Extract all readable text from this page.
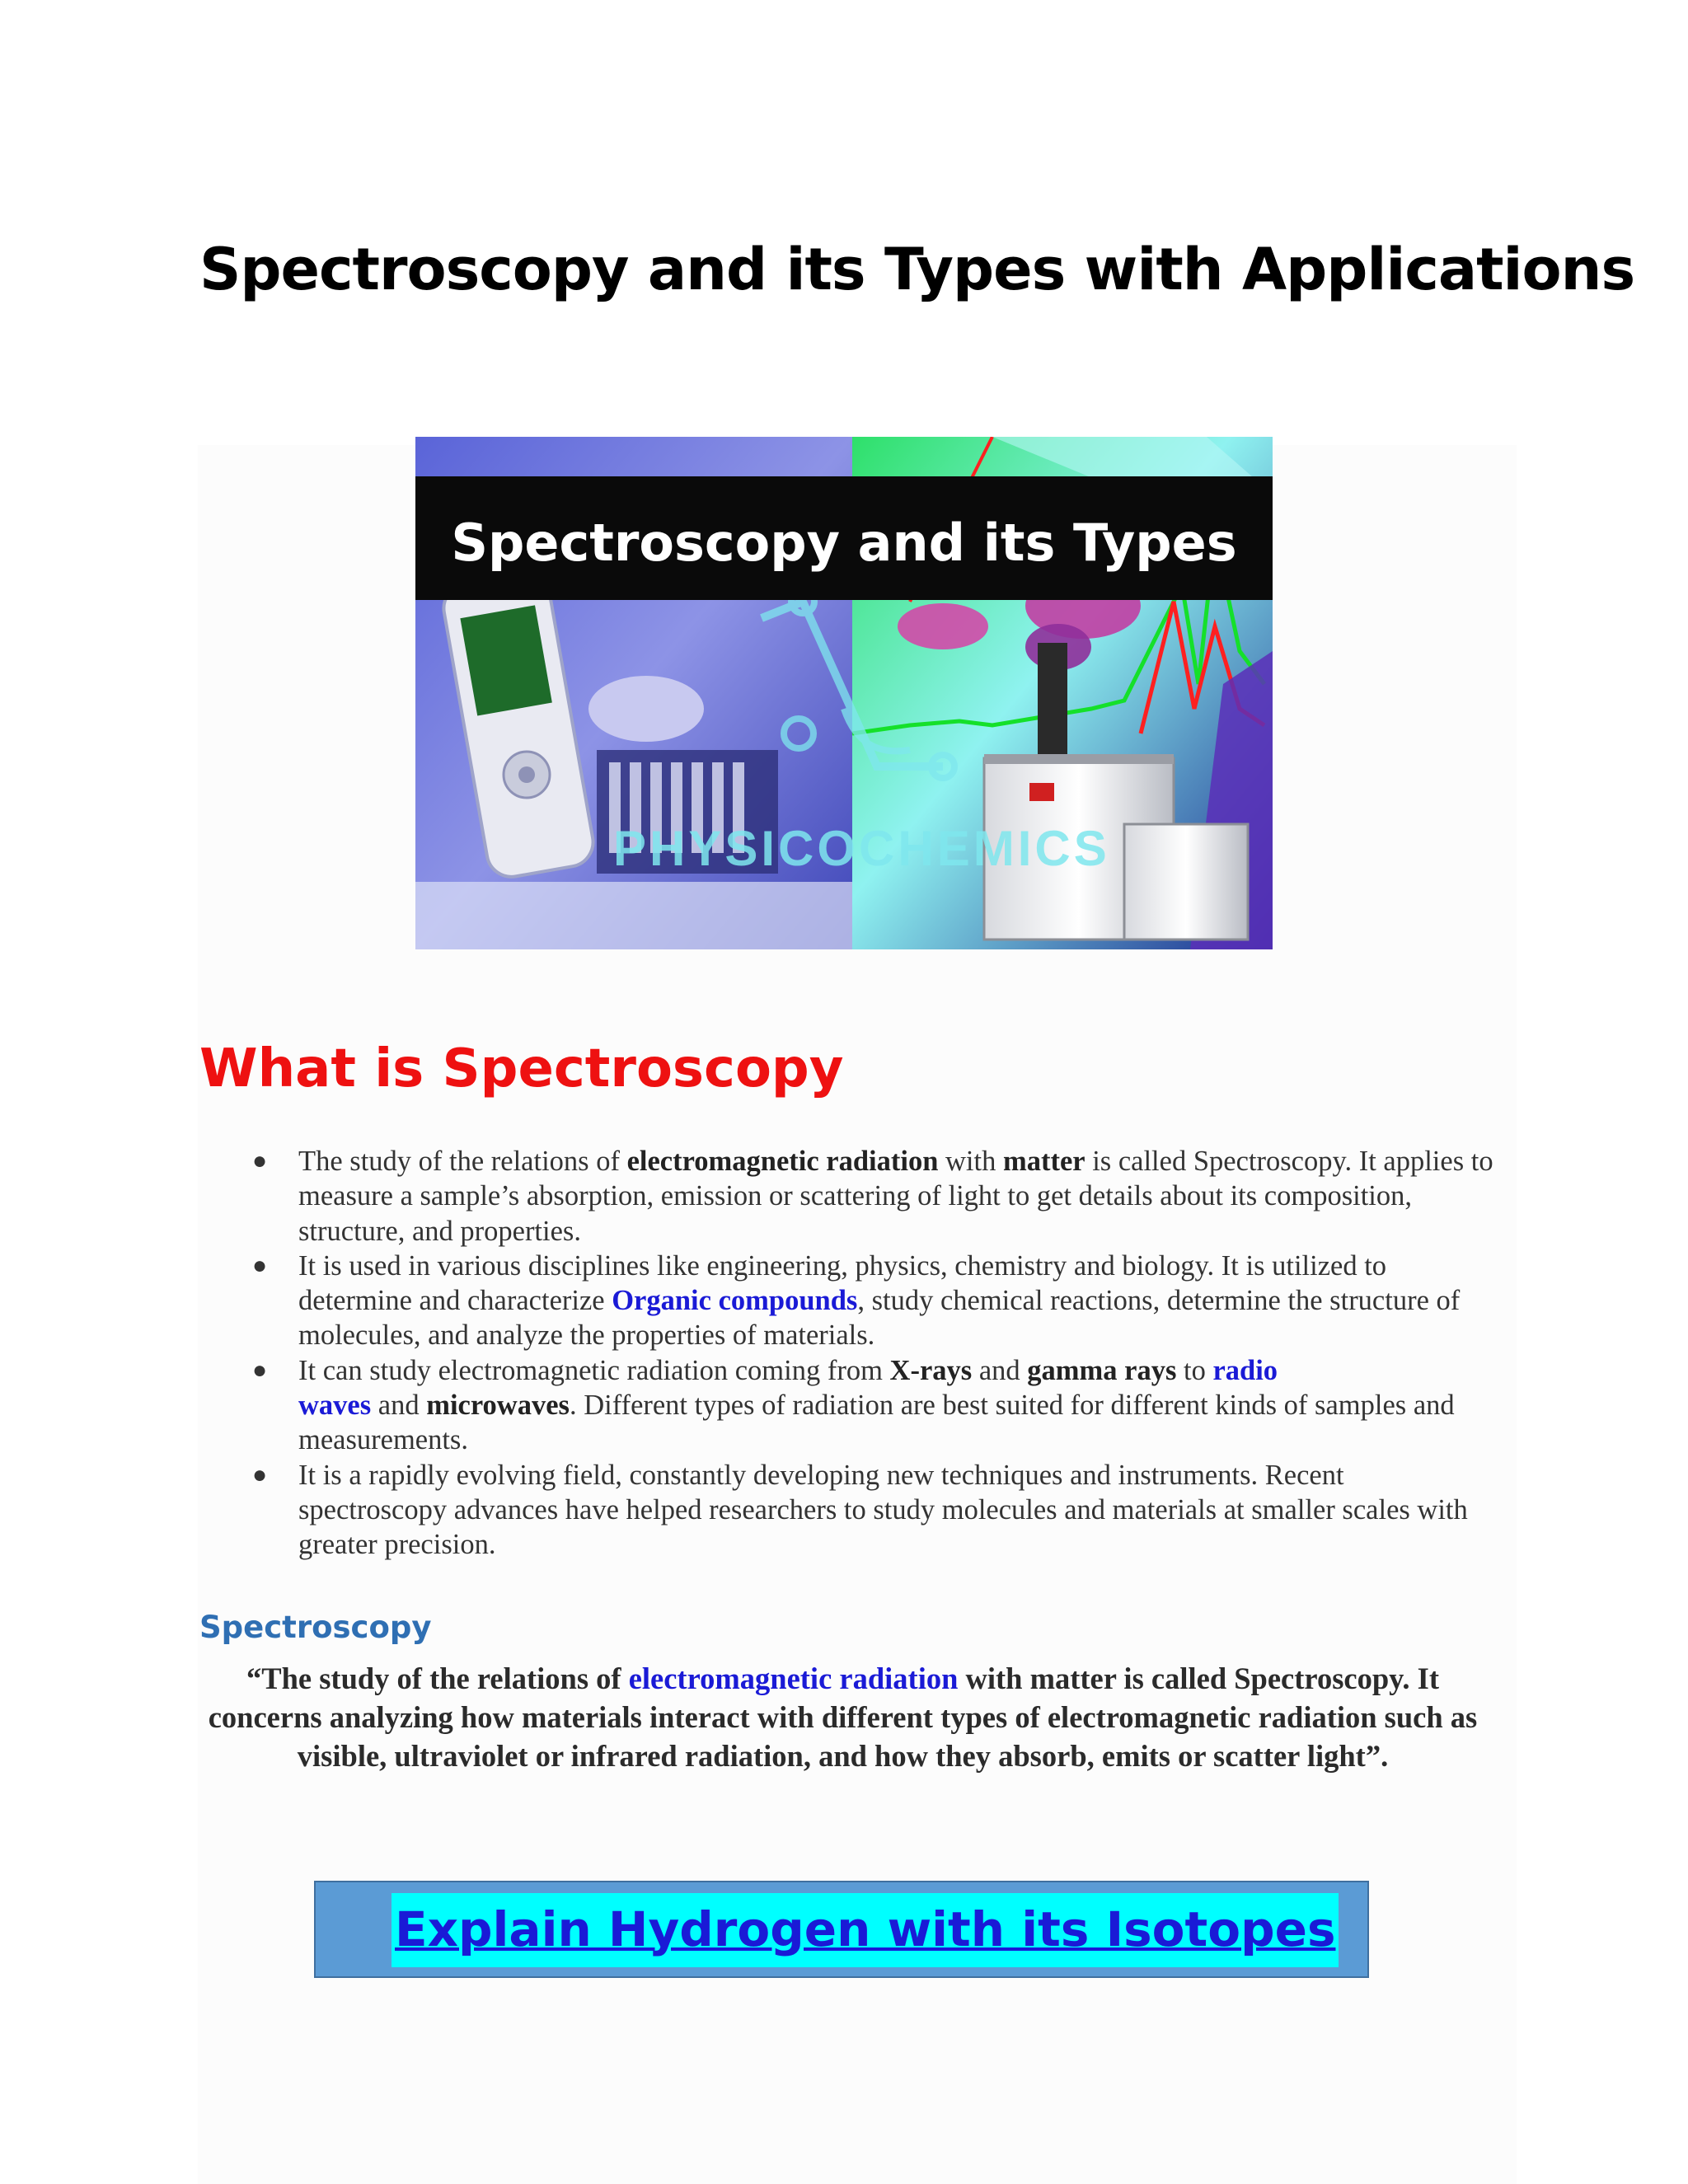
Spectroscopy and its Types with Applications
PHYSICOCHEMICS
Spectroscopy and its Types
What is Spectroscopy
● The study of the relations of electromagnetic radiation with matter is called Spectroscopy. It applies to measure a sample’s absorption, emission or scattering of light to get details about its composition, structure, and properties.
● It is used in various disciplines like engineering, physics, chemistry and biology. It is utilized to determine and characterize Organic compounds, study chemical reactions, determine the structure of molecules, and analyze the properties of materials.
● It can study electromagnetic radiation coming from X-rays and gamma rays to radio
waves and microwaves. Different types of radiation are best suited for different kinds of samples and measurements.
● It is a rapidly evolving field, constantly developing new techniques and instruments. Recent spectroscopy advances have helped researchers to study molecules and materials at smaller scales with greater precision.
Spectroscopy

“The study of the relations of electromagnetic radiation with matter is called Spectroscopy. It concerns analyzing how materials interact with different types of electromagnetic radiation such as visible, ultraviolet or infrared radiation, and how they absorb, emits or scatter light”.

Explain Hydrogen with its Isotopes
